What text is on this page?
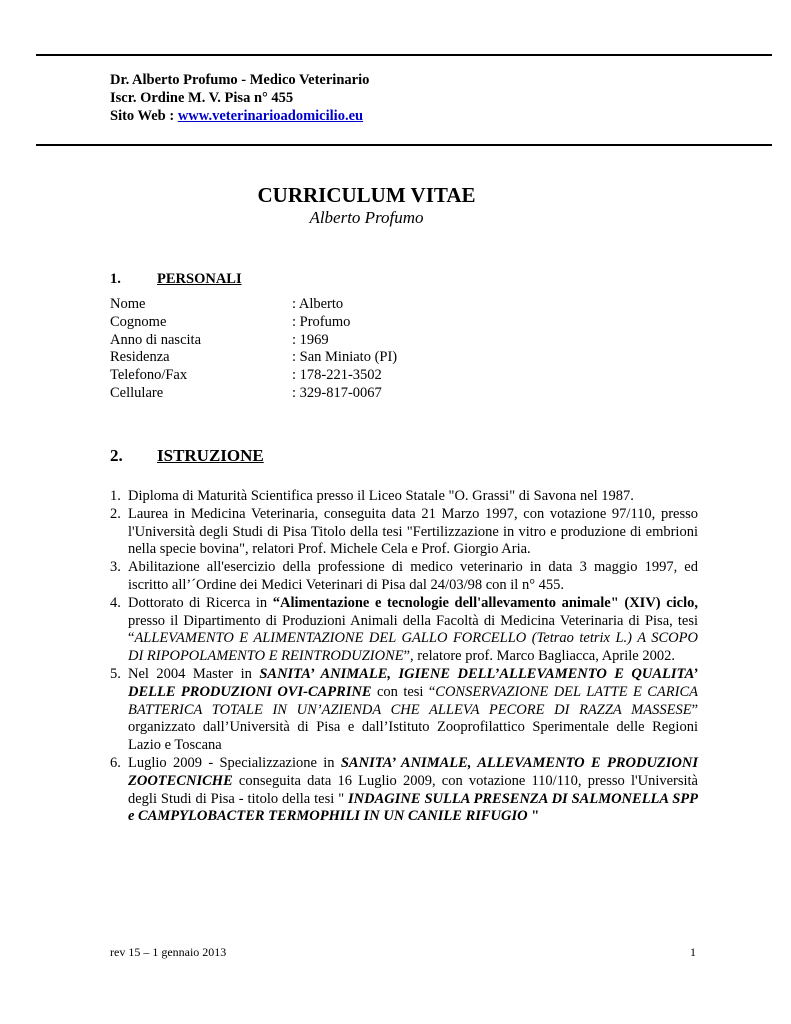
Dr. Alberto Profumo - Medico Veterinario
Iscr. Ordine M. V. Pisa n° 455
Sito Web : www.veterinarioadomicilio.eu
CURRICULUM VITAE
Alberto Profumo
1. PERSONALI
Nome	: Alberto
Cognome	: Profumo
Anno di nascita	: 1969
Residenza	: San Miniato (PI)
Telefono/Fax	: 178-221-3502
Cellulare	: 329-817-0067
2. ISTRUZIONE
1. Diploma di Maturità Scientifica presso il Liceo Statale "O. Grassi" di Savona nel 1987.
2. Laurea in Medicina Veterinaria, conseguita data 21 Marzo 1997, con votazione 97/110, presso l'Università degli Studi di Pisa Titolo della tesi "Fertilizzazione in vitro e produzione di embrioni nella specie bovina", relatori Prof. Michele Cela e Prof. Giorgio Aria.
3. Abilitazione all'esercizio della professione di medico veterinario in data 3 maggio 1997, ed iscritto all’´Ordine dei Medici Veterinari di Pisa dal 24/03/98 con il n° 455.
4. Dottorato di Ricerca in “Alimentazione e tecnologie dell'allevamento animale" (XIV) ciclo, presso il Dipartimento di Produzioni Animali della Facoltà di Medicina Veterinaria di Pisa, tesi “ALLEVAMENTO E ALIMENTAZIONE DEL GALLO FORCELLO (Tetrao tetrix L.) A SCOPO DI RIPOPOLAMENTO E REINTRODUZIONE”, relatore prof. Marco Bagliacca, Aprile 2002.
5. Nel 2004 Master in SANITA’ ANIMALE, IGIENE DELL’ALLEVAMENTO E QUALITA’ DELLE PRODUZIONI OVI-CAPRINE con tesi “CONSERVAZIONE DEL LATTE E CARICA BATTERICA TOTALE IN UN’AZIENDA CHE ALLEVA PECORE DI RAZZA MASSESE” organizzato dall’Università di Pisa e dall’Istituto Zooprofilattico Sperimentale delle Regioni Lazio e Toscana
6. Luglio 2009 - Specializzazione in SANITA’ ANIMALE, ALLEVAMENTO E PRODUZIONI ZOOTECNICHE conseguita data 16 Luglio 2009, con votazione 110/110, presso l'Università degli Studi di Pisa - titolo della tesi " INDAGINE SULLA PRESENZA DI SALMONELLA SPP e CAMPYLOBACTER TERMOPHILI IN UN CANILE RIFUGIO "
rev 15 – 1 gennaio 2013	1
